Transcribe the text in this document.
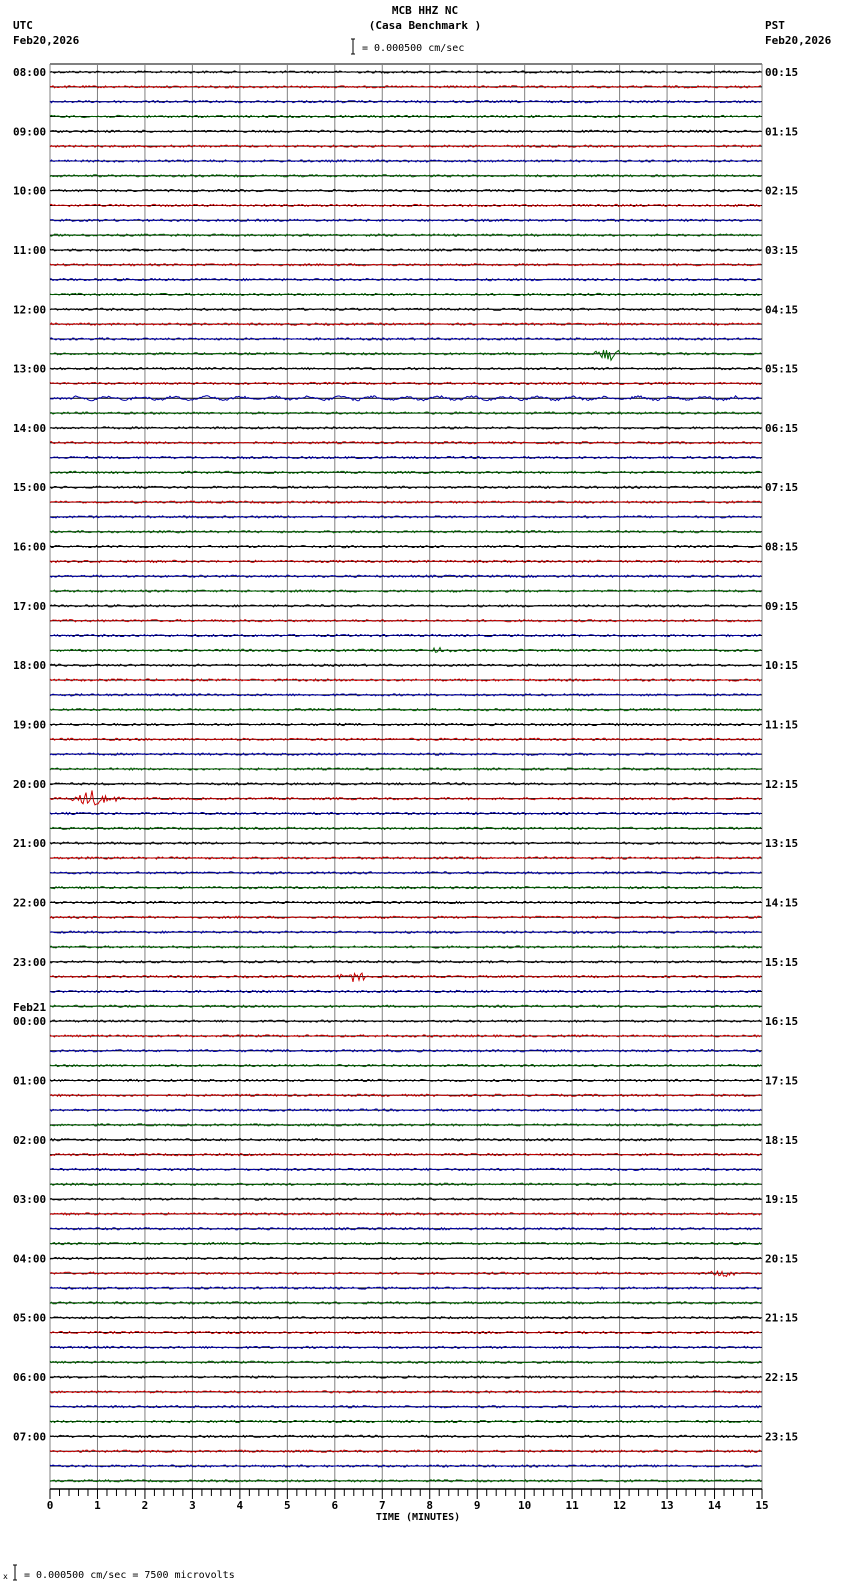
MCB HHZ NC
(Casa Benchmark )
UTC
Feb20,2026
PST
Feb20,2026
= 0.000500 cm/sec
08:00
09:00
10:00
11:00
12:00
13:00
14:00
15:00
16:00
17:00
18:00
19:00
20:00
21:00
22:00
23:00
00:00
01:00
02:00
03:00
04:00
05:00
06:00
07:00
00:15
01:15
02:15
03:15
04:15
05:15
06:15
07:15
08:15
09:15
10:15
11:15
12:15
13:15
14:15
15:15
16:15
17:15
18:15
19:15
20:15
21:15
22:15
23:15
Feb21
0	1	2	3	4	5	6	7	8	9	10	11	12	13	14	15
TIME (MINUTES)
x = 0.000500 cm/sec = 7500 microvolts
